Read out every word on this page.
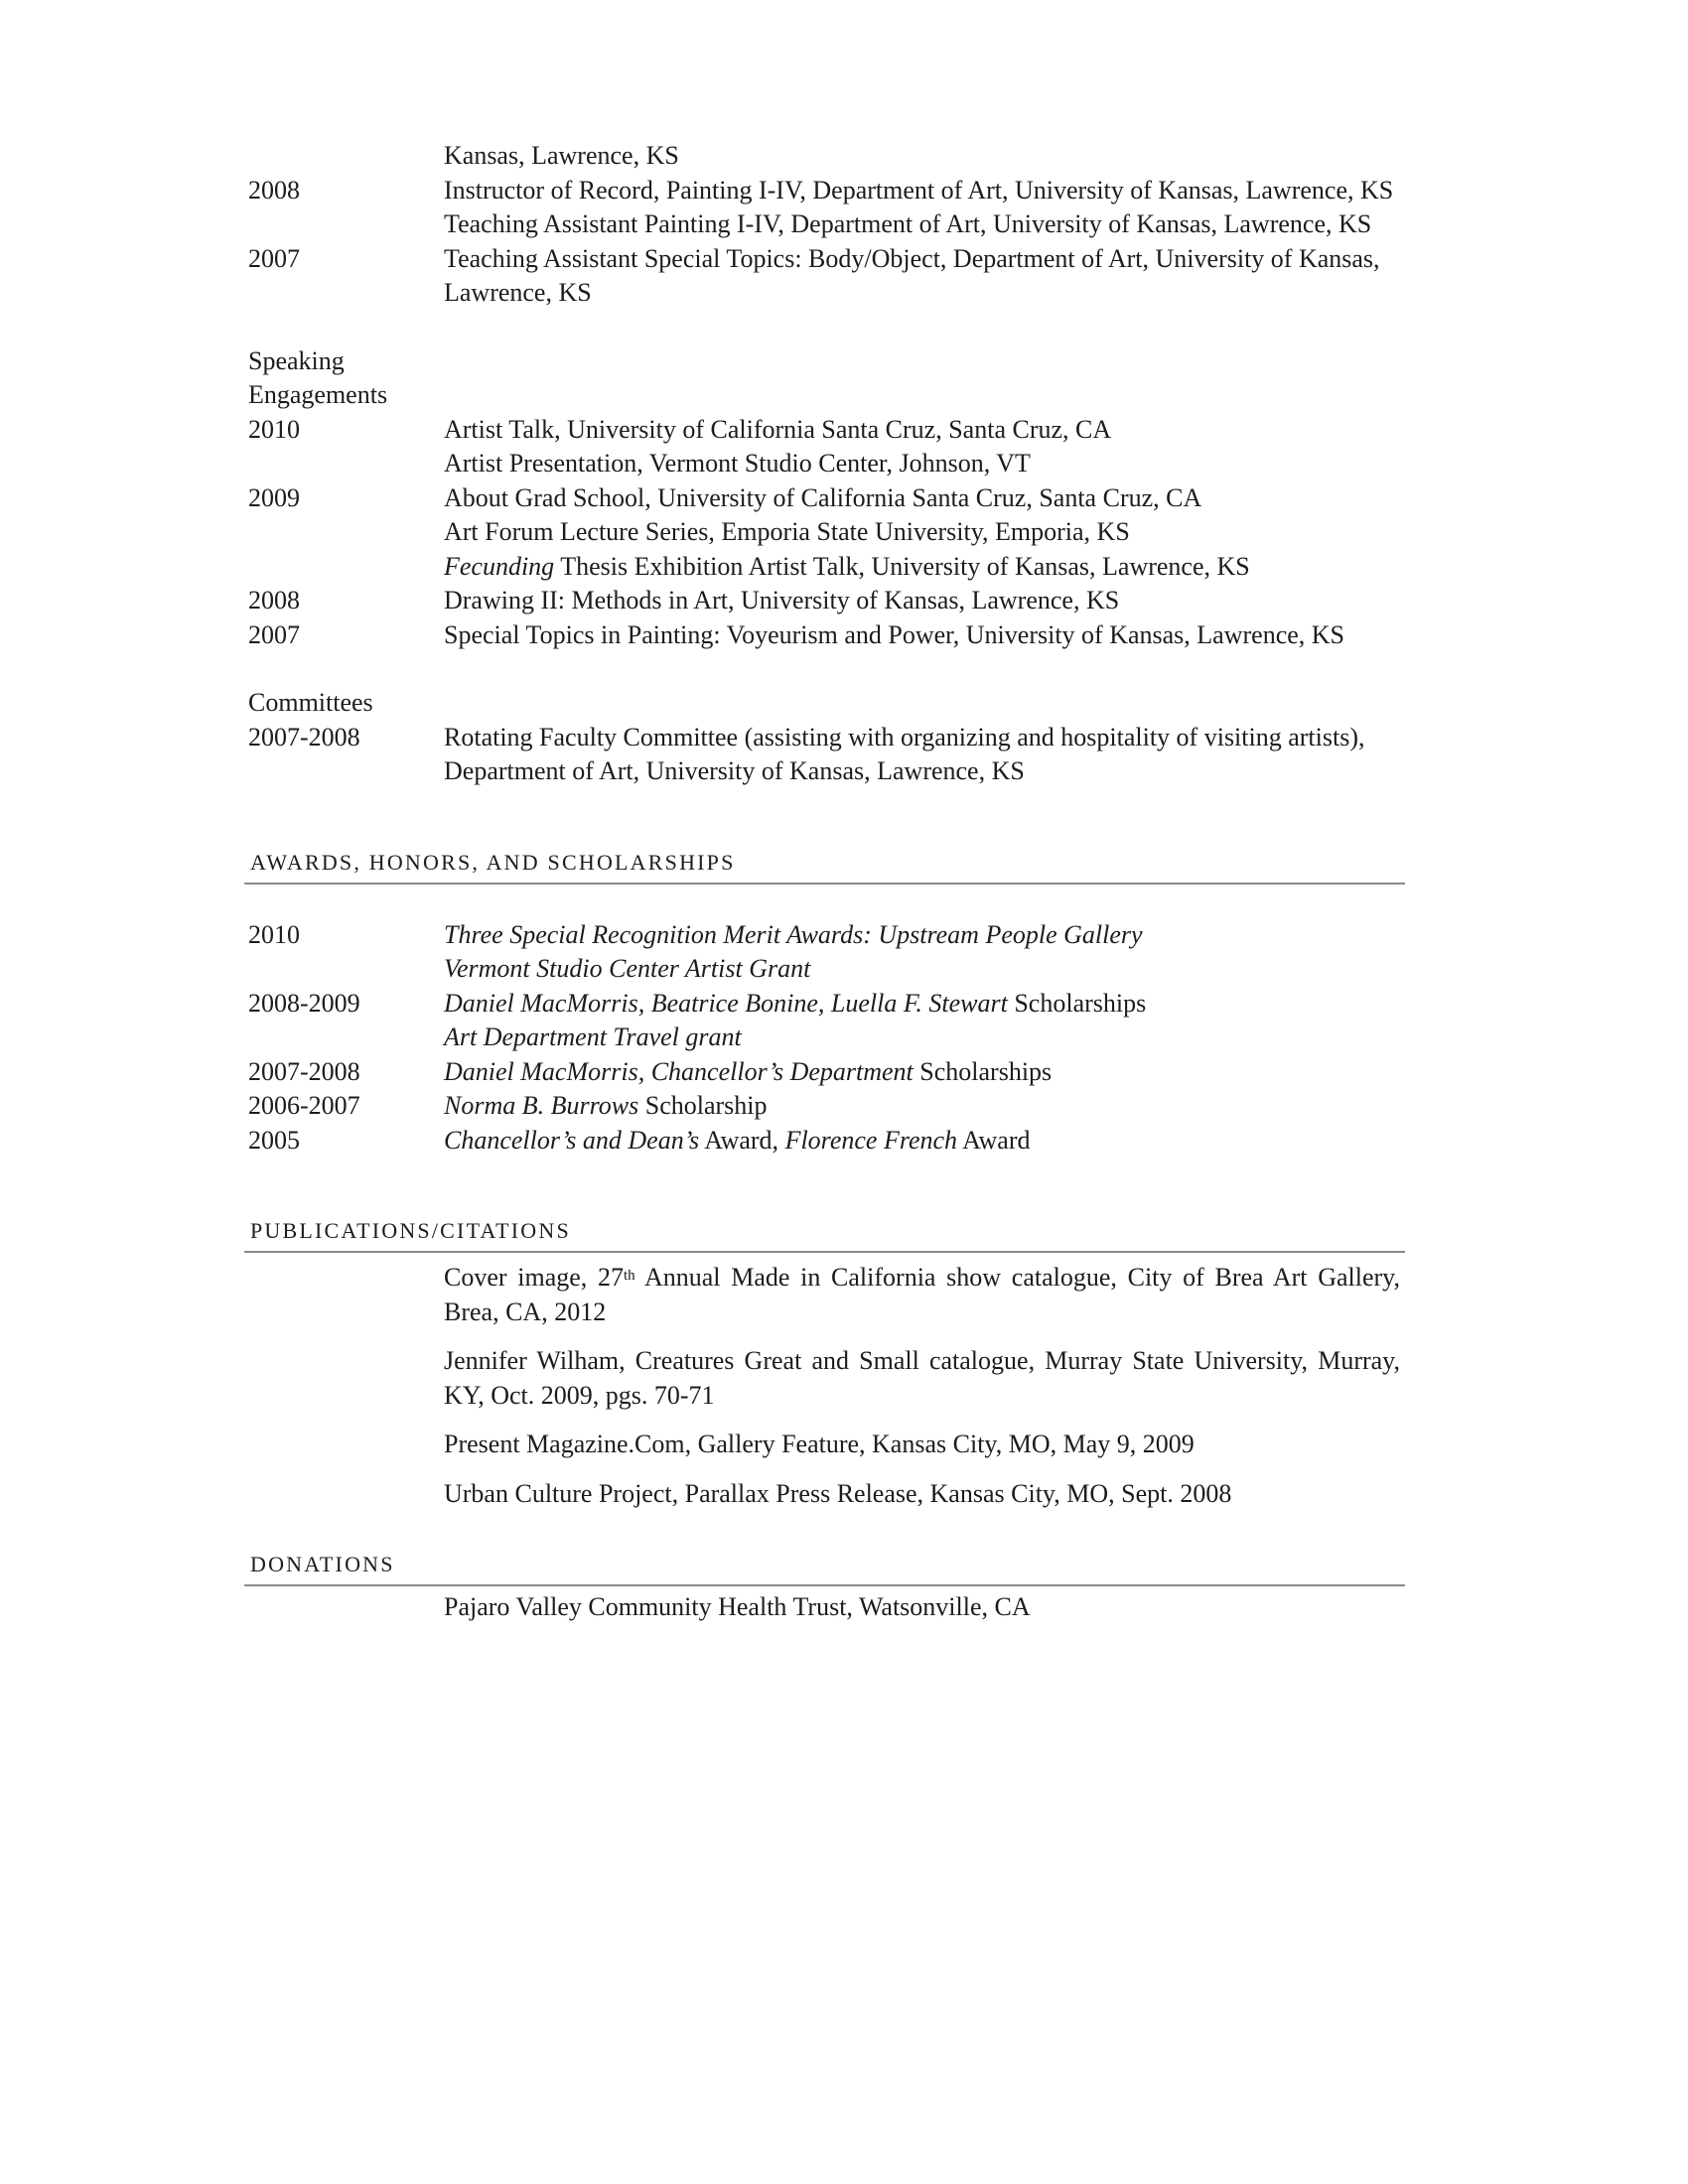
Kansas, Lawrence, KS
2008	Instructor of Record, Painting I-IV, Department of Art, University of Kansas, Lawrence, KS
Teaching Assistant Painting I-IV, Department of Art, University of Kansas, Lawrence, KS
2007	Teaching Assistant Special Topics: Body/Object, Department of Art, University of Kansas, Lawrence, KS
Speaking
Engagements
2010	Artist Talk, University of California Santa Cruz, Santa Cruz, CA
Artist Presentation, Vermont Studio Center, Johnson, VT
2009	About Grad School, University of California Santa Cruz, Santa Cruz, CA
Art Forum Lecture Series, Emporia State University, Emporia, KS
Fecunding Thesis Exhibition Artist Talk, University of Kansas, Lawrence, KS
2008	Drawing II: Methods in Art, University of Kansas, Lawrence, KS
2007	Special Topics in Painting: Voyeurism and Power, University of Kansas, Lawrence, KS
Committees
2007-2008	Rotating Faculty Committee (assisting with organizing and hospitality of visiting artists), Department of Art, University of Kansas, Lawrence, KS
AWARDS, HONORS, AND SCHOLARSHIPS
2010	Three Special Recognition Merit Awards: Upstream People Gallery
Vermont Studio Center Artist Grant
2008-2009	Daniel MacMorris, Beatrice Bonine, Luella F. Stewart Scholarships
Art Department Travel grant
2007-2008	Daniel MacMorris, Chancellor’s Department Scholarships
2006-2007	Norma B. Burrows Scholarship
2005	Chancellor’s and Dean’s Award, Florence French Award
PUBLICATIONS/CITATIONS
Cover image, 27th Annual Made in California show catalogue, City of Brea Art Gallery, Brea, CA, 2012
Jennifer Wilham, Creatures Great and Small catalogue, Murray State University, Murray, KY, Oct. 2009, pgs. 70-71
Present Magazine.Com, Gallery Feature, Kansas City, MO, May 9, 2009
Urban Culture Project, Parallax Press Release, Kansas City, MO, Sept. 2008
DONATIONS
Pajaro Valley Community Health Trust, Watsonville, CA
